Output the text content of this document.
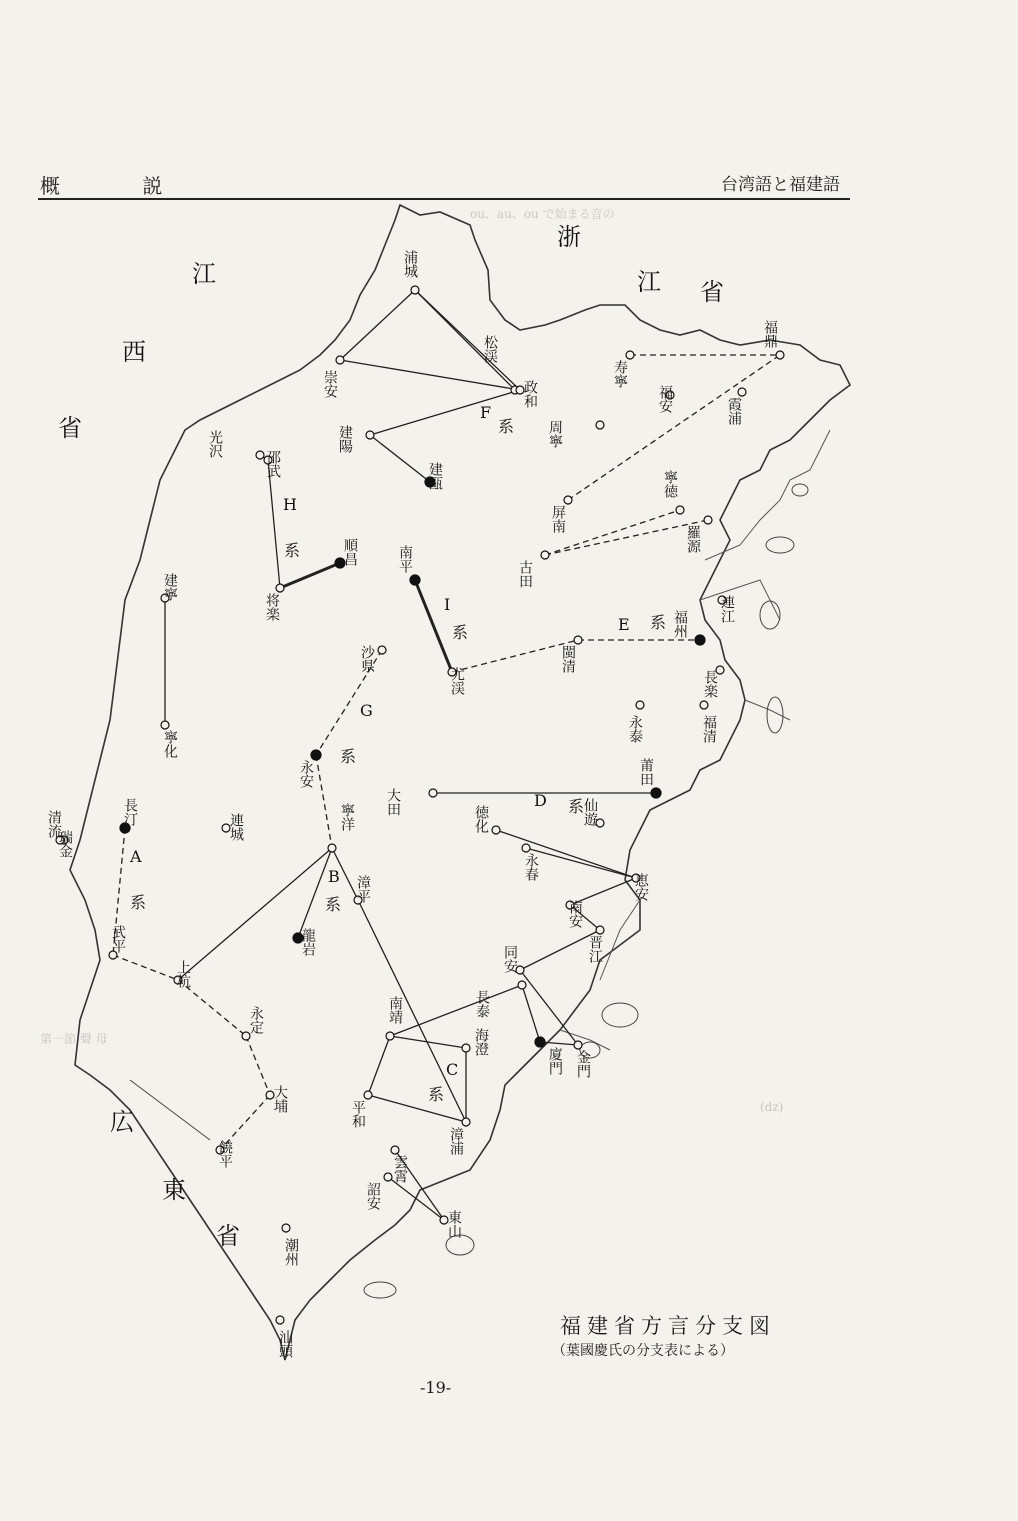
ou、au、ou で始まる音の
第一節 聲 母
(dz)
概 説	台湾語と福建語
浦城
松渓
崇安	政和
建陽	周寧
寿寧
福鼎
福安	霞浦
光沢
邵武	建甌
屏南
寧徳
羅源
順昌	南平
古田
連江
将楽
建寧
沙県	閩清
福州
尤渓	長楽
永泰	福清
寧化
永安
大田
莆田
仙遊
徳化
清流	長汀
連城	寧洋
漳平
永春
恵安
南安
晋江
同安
武平
上杭
龍岩
長泰
海澄
廈門 金門
永定	南靖
平和
漳浦
大埔
饒平
雲霄
詔安
東山
潮州
汕頭
瑞金	A
系
B
系
C
系
D 系
E 系
F
系
G
系
H
系
I
系
浙
江 省
江
西
省
広
東
省
福建省方言分支図
（葉國慶氏の分支表による）
-19-
